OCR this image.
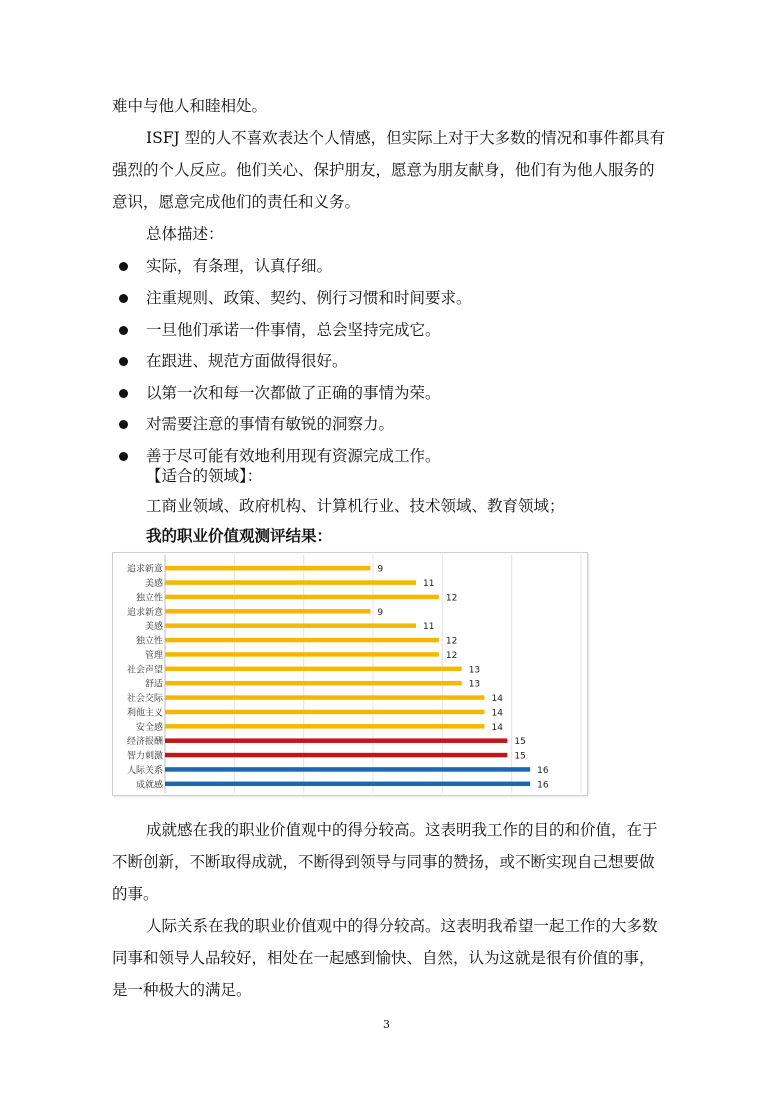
难中与他人和睦相处。
ISFJ 型的人不喜欢表达个人情感，但实际上对于大多数的情况和事件都具有
强烈的个人反应。他们关心、保护朋友，愿意为朋友献身，他们有为他人服务的
意识，愿意完成他们的责任和义务。
总体描述：
实际，有条理，认真仔细。
注重规则、政策、契约、例行习惯和时间要求。
一旦他们承诺一件事情，总会坚持完成它。
在跟进、规范方面做得很好。
以第一次和每一次都做了正确的事情为荣。
对需要注意的事情有敏锐的洞察力。
善于尽可能有效地利用现有资源完成工作。
【适合的领域】：
工商业领域、政府机构、计算机行业、技术领域、教育领域；
我的职业价值观测评结果：
追求新意	9
美感	11
独立性	12
追求新意	9
美感	11
独立性	12
管理	12
社会声望	13
舒适	13
社会交际	14
利他主义	14
安全感	14
经济报酬	15
智力刺激	15
人际关系	16
成就感	16
成就感在我的职业价值观中的得分较高。这表明我工作的目的和价值，在于
不断创新，不断取得成就，不断得到领导与同事的赞扬，或不断实现自己想要做
的事。
人际关系在我的职业价值观中的得分较高。这表明我希望一起工作的大多数
同事和领导人品较好，相处在一起感到愉快、自然，认为这就是很有价值的事，
是一种极大的满足。
3
